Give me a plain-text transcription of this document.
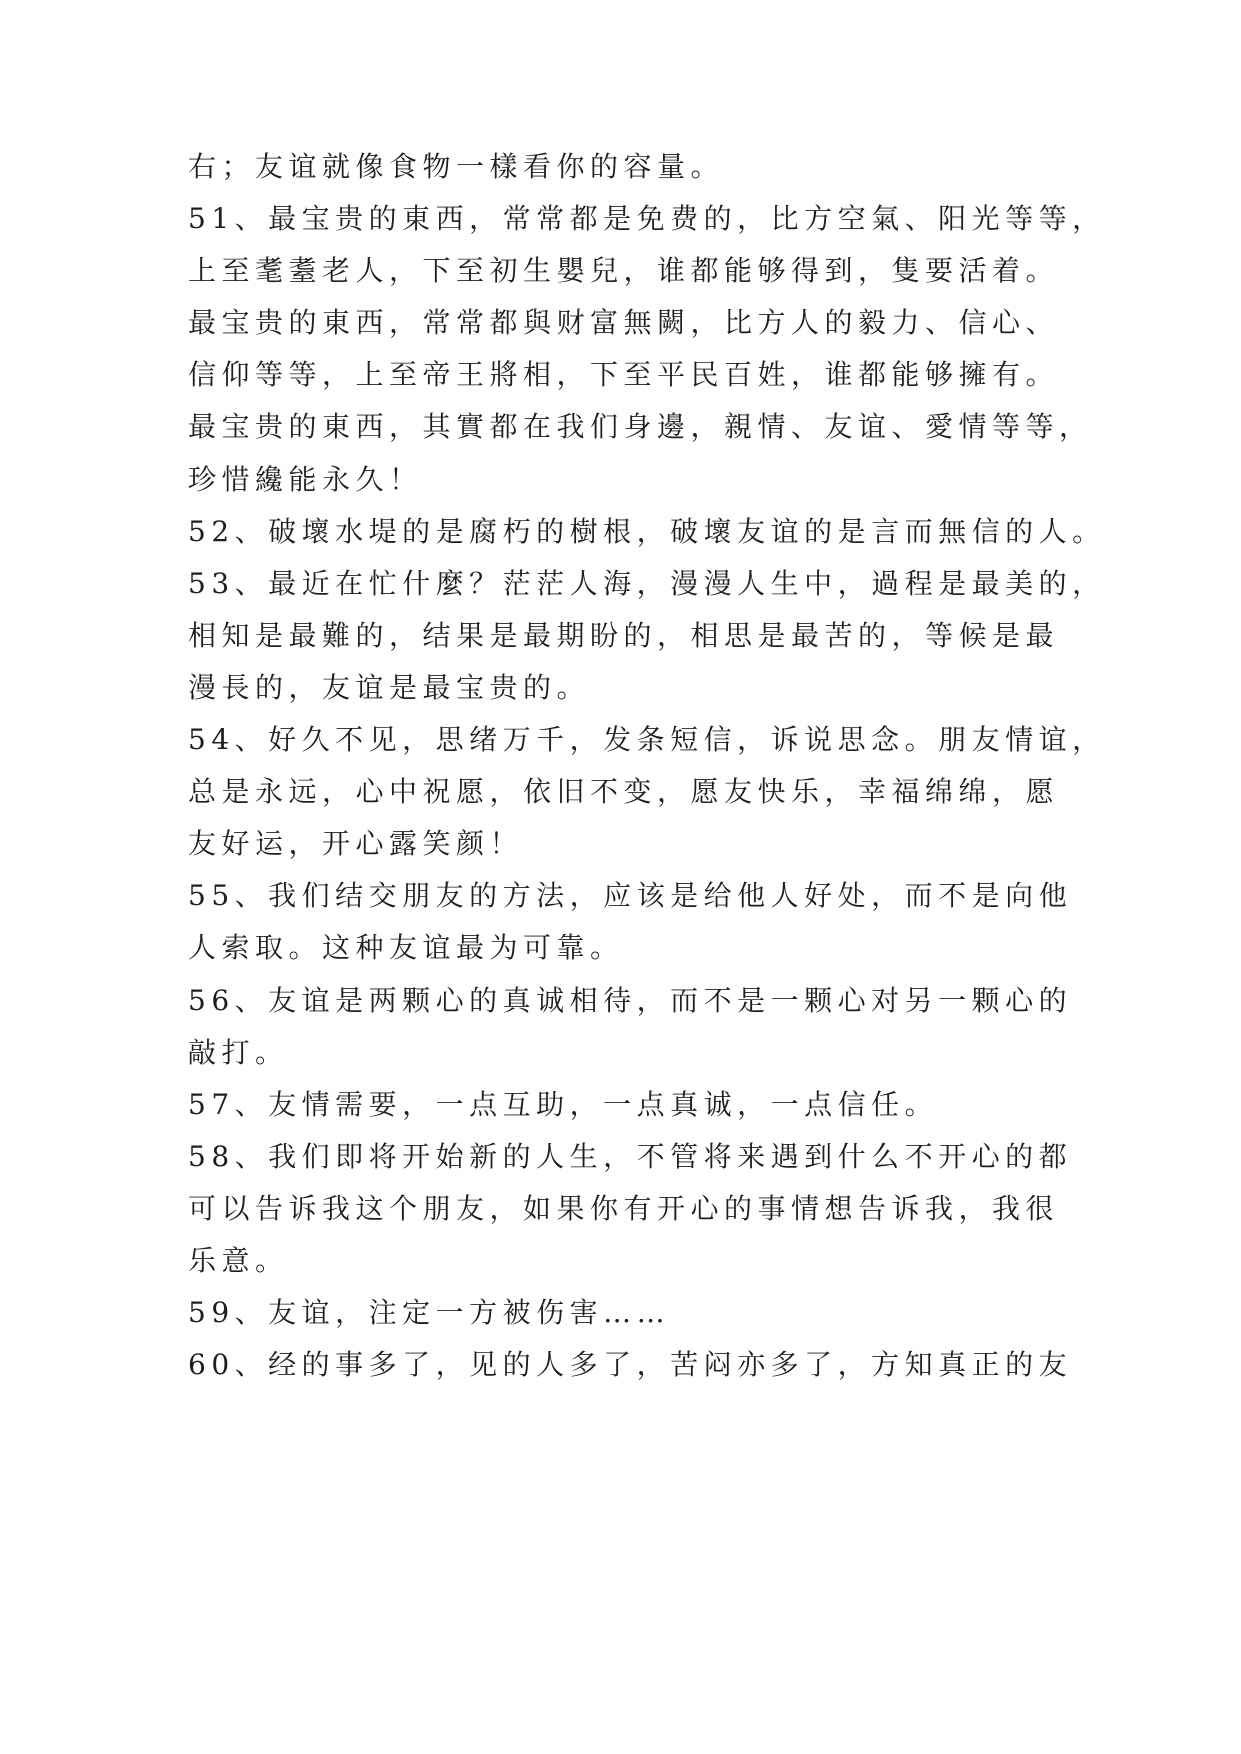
右；友谊就像食物一樣看你的容量。
51、最宝贵的東西，常常都是免费的，比方空氣、阳光等等，
上至耄耋老人，下至初生嬰兒，谁都能够得到，隻要活着。
最宝贵的東西，常常都與财富無闕，比方人的毅力、信心、
信仰等等，上至帝王將相，下至平民百姓，谁都能够擁有。
最宝贵的東西，其實都在我们身邊，親情、友谊、愛情等等，
珍惜纔能永久！
52、破壞水堤的是腐朽的樹根，破壞友谊的是言而無信的人。
53、最近在忙什麼？茫茫人海，漫漫人生中，過程是最美的，
相知是最難的，结果是最期盼的，相思是最苦的，等候是最
漫長的，友谊是最宝贵的。
54、好久不见，思绪万千，发条短信，诉说思念。朋友情谊，
总是永远，心中祝愿，依旧不变，愿友快乐，幸福绵绵，愿
友好运，开心露笑颜！
55、我们结交朋友的方法，应该是给他人好处，而不是向他
人索取。这种友谊最为可靠。
56、友谊是两颗心的真诚相待，而不是一颗心对另一颗心的
敲打。
57、友情需要，一点互助，一点真诚，一点信任。
58、我们即将开始新的人生，不管将来遇到什么不开心的都
可以告诉我这个朋友，如果你有开心的事情想告诉我，我很
乐意。
59、友谊，注定一方被伤害……
60、经的事多了，见的人多了，苦闷亦多了，方知真正的友
